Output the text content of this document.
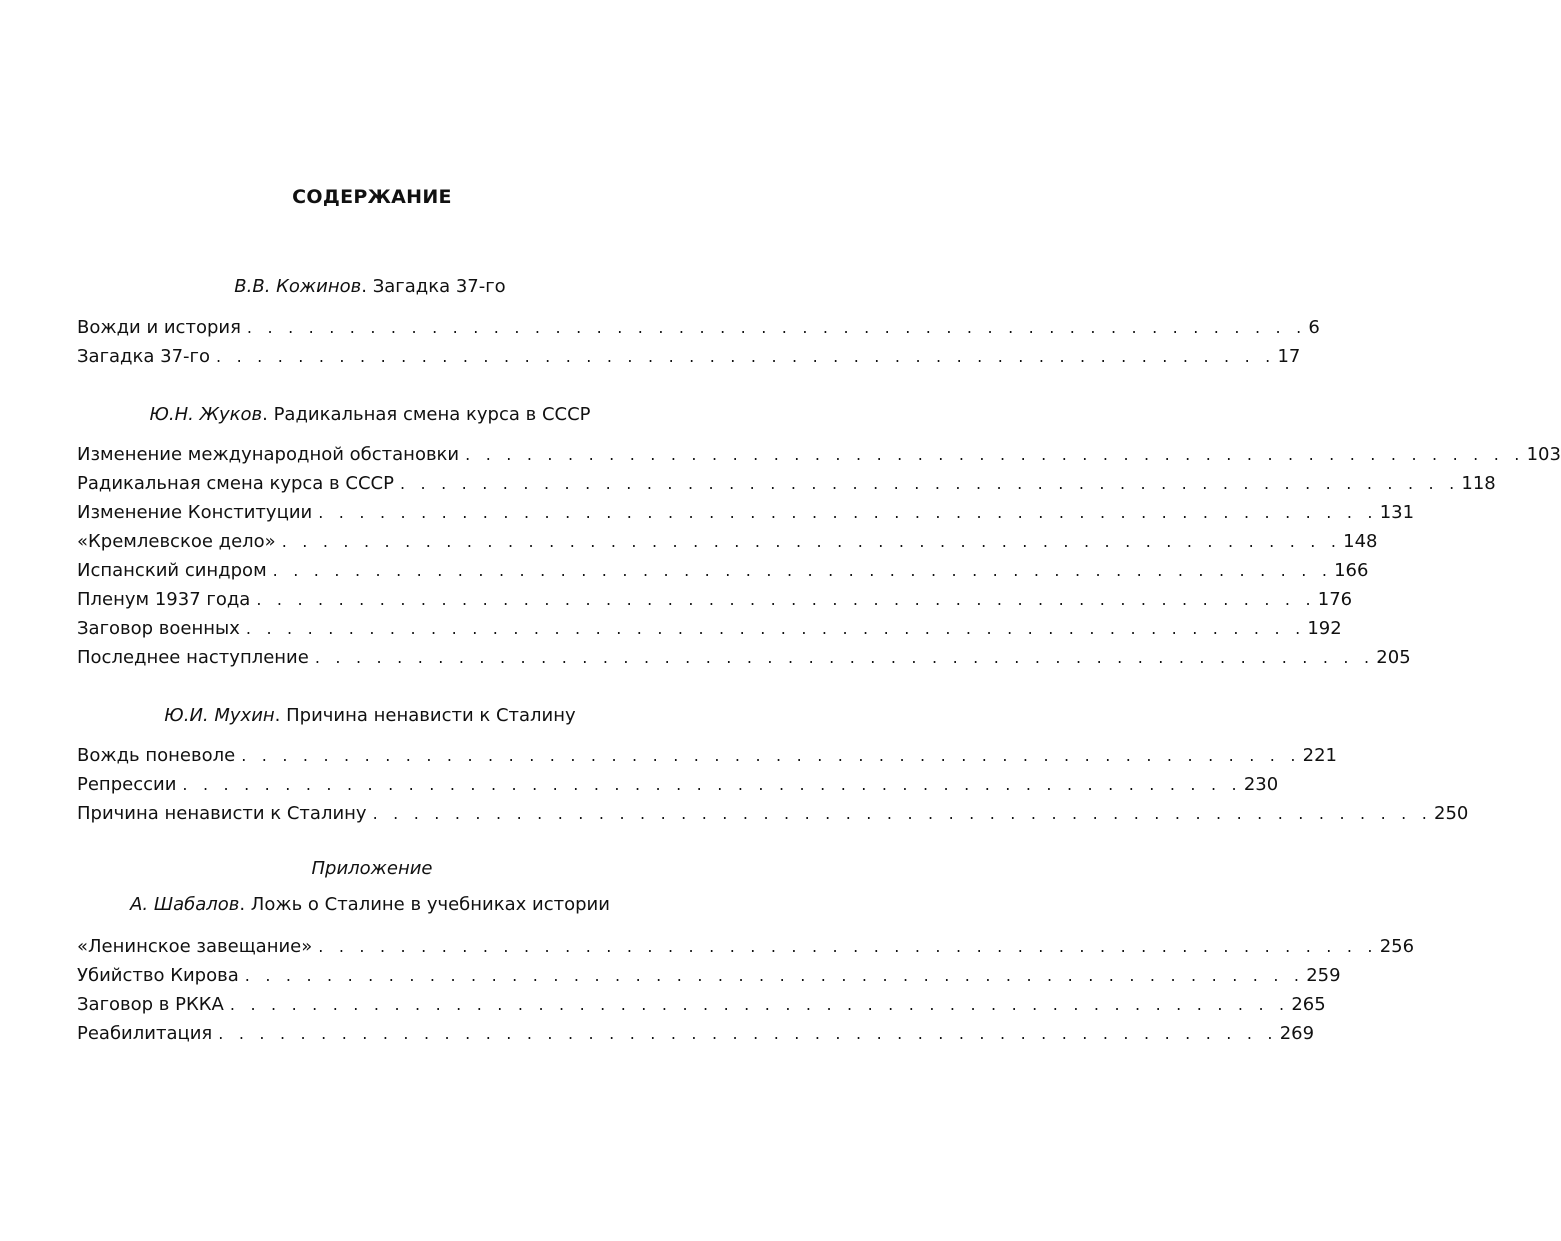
СОДЕРЖАНИЕ
В.В. Кожинов. Загадка 37-го
Вожди и история . . . . . . . . . . . . . . . . . . . . . . . . . . . . . . . . . . . . . . . . . . . . . . . . . . . . 6
Загадка 37-го . . . . . . . . . . . . . . . . . . . . . . . . . . . . . . . . . . . . . . . . . . . . . . . . . . . . 17
Ю.Н. Жуков. Радикальная смена курса в СССР
Изменение международной обстановки . . . . . . . . . . . . . . . . . . . . . . . . . . . . . . . . . . . . . . . . . . . . . . . . . . . . 103
Радикальная смена курса в СССР . . . . . . . . . . . . . . . . . . . . . . . . . . . . . . . . . . . . . . . . . . . . . . . . . . . . 118
Изменение Конституции . . . . . . . . . . . . . . . . . . . . . . . . . . . . . . . . . . . . . . . . . . . . . . . . . . . . 131
«Кремлевское дело» . . . . . . . . . . . . . . . . . . . . . . . . . . . . . . . . . . . . . . . . . . . . . . . . . . . . 148
Испанский синдром . . . . . . . . . . . . . . . . . . . . . . . . . . . . . . . . . . . . . . . . . . . . . . . . . . . . 166
Пленум 1937 года . . . . . . . . . . . . . . . . . . . . . . . . . . . . . . . . . . . . . . . . . . . . . . . . . . . . 176
Заговор военных . . . . . . . . . . . . . . . . . . . . . . . . . . . . . . . . . . . . . . . . . . . . . . . . . . . . 192
Последнее наступление . . . . . . . . . . . . . . . . . . . . . . . . . . . . . . . . . . . . . . . . . . . . . . . . . . . . 205
Ю.И. Мухин. Причина ненависти к Сталину
Вождь поневоле . . . . . . . . . . . . . . . . . . . . . . . . . . . . . . . . . . . . . . . . . . . . . . . . . . . . 221
Репрессии . . . . . . . . . . . . . . . . . . . . . . . . . . . . . . . . . . . . . . . . . . . . . . . . . . . . 230
Причина ненависти к Сталину . . . . . . . . . . . . . . . . . . . . . . . . . . . . . . . . . . . . . . . . . . . . . . . . . . . . 250
Приложение
А. Шабалов. Ложь о Сталине в учебниках истории
«Ленинское завещание» . . . . . . . . . . . . . . . . . . . . . . . . . . . . . . . . . . . . . . . . . . . . . . . . . . . . 256
Убийство Кирова . . . . . . . . . . . . . . . . . . . . . . . . . . . . . . . . . . . . . . . . . . . . . . . . . . . . 259
Заговор в РККА . . . . . . . . . . . . . . . . . . . . . . . . . . . . . . . . . . . . . . . . . . . . . . . . . . . . 265
Реабилитация . . . . . . . . . . . . . . . . . . . . . . . . . . . . . . . . . . . . . . . . . . . . . . . . . . . . 269
